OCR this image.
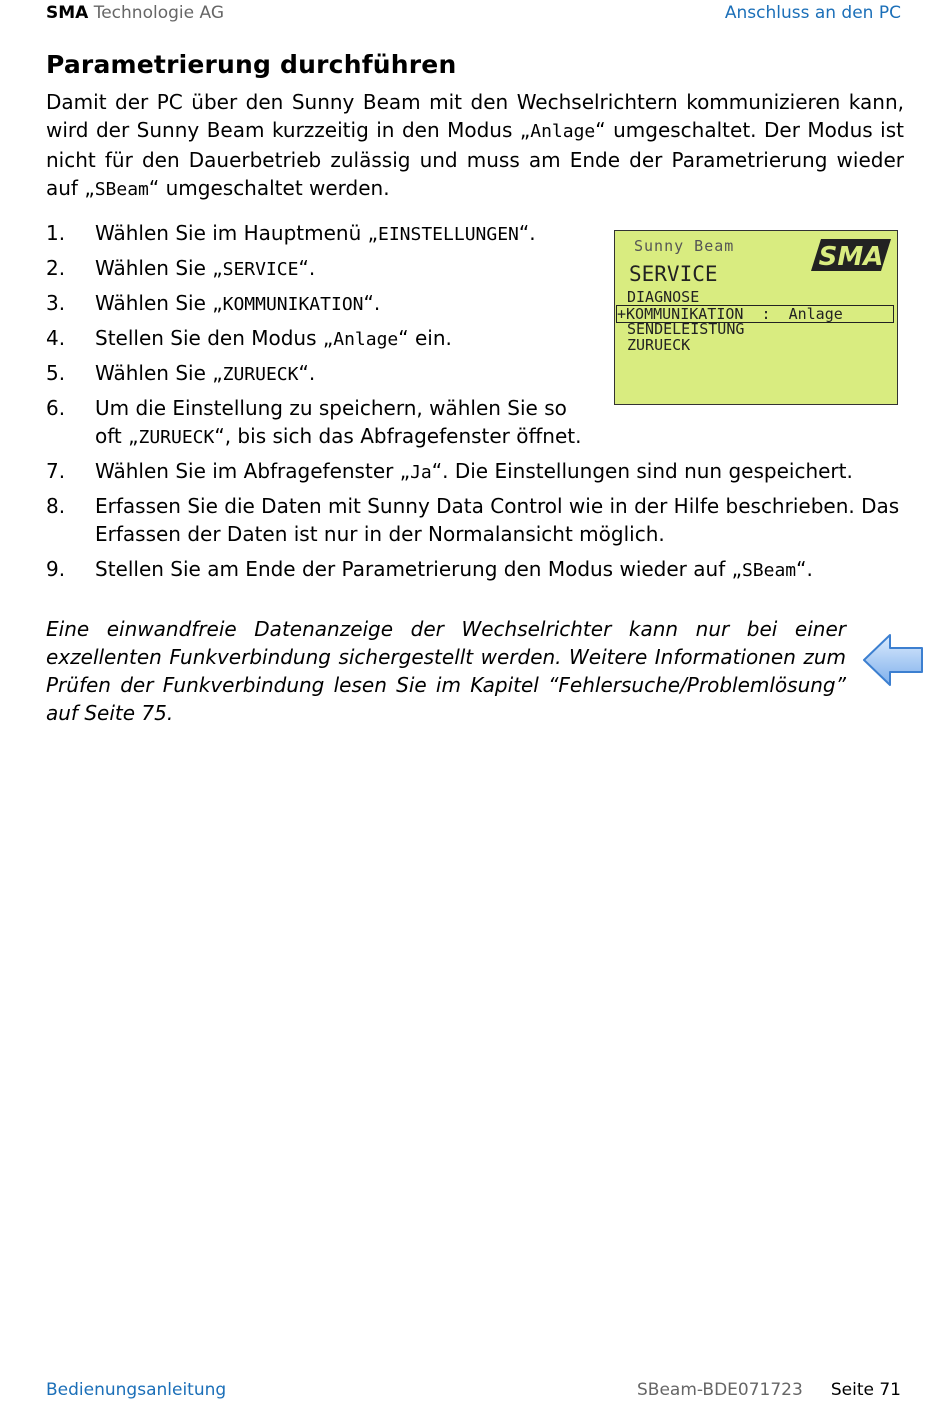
SMA Technologie AG	Anschluss an den PC
Parametrierung durchführen
Damit der PC über den Sunny Beam mit den Wechselrichtern kommunizieren kann, wird der Sunny Beam kurzzeitig in den Modus „Anlage“ umgeschaltet. Der Modus ist nicht für den Dauerbetrieb zulässig und muss am Ende der Parametrierung wieder auf „SBeam“ umgeschaltet werden.
1.	Wählen Sie im Hauptmenü „EINSTELLUNGEN“.
2.	Wählen Sie „SERVICE“.
3.	Wählen Sie „KOMMUNIKATION“.
4.	Stellen Sie den Modus „Anlage“ ein.
5.	Wählen Sie „ZURUECK“.
6.	Um die Einstellung zu speichern, wählen Sie so
oft „ZURUECK“, bis sich das Abfragefenster öffnet.
7.	Wählen Sie im Abfragefenster „Ja“. Die Einstellungen sind nun gespeichert.
8.	Erfassen Sie die Daten mit Sunny Data Control wie in der Hilfe beschrieben. Das
Erfassen der Daten ist nur in der Normalansicht möglich.
9.	Stellen Sie am Ende der Parametrierung den Modus wieder auf „SBeam“.
Sunny Beam	SMA
SERVICE
DIAGNOSE
+KOMMUNIKATION  :  Anlage
SENDELEISTUNG
ZURUECK
Eine einwandfreie Datenanzeige der Wechselrichter kann nur bei einer exzellenten Funkverbindung sichergestellt werden. Weitere Informationen zum Prüfen der Funkverbindung lesen Sie im Kapitel “Fehlersuche/Problemlösung” auf Seite 75.
Bedienungsanleitung	SBeam-BDE071723 Seite 71
